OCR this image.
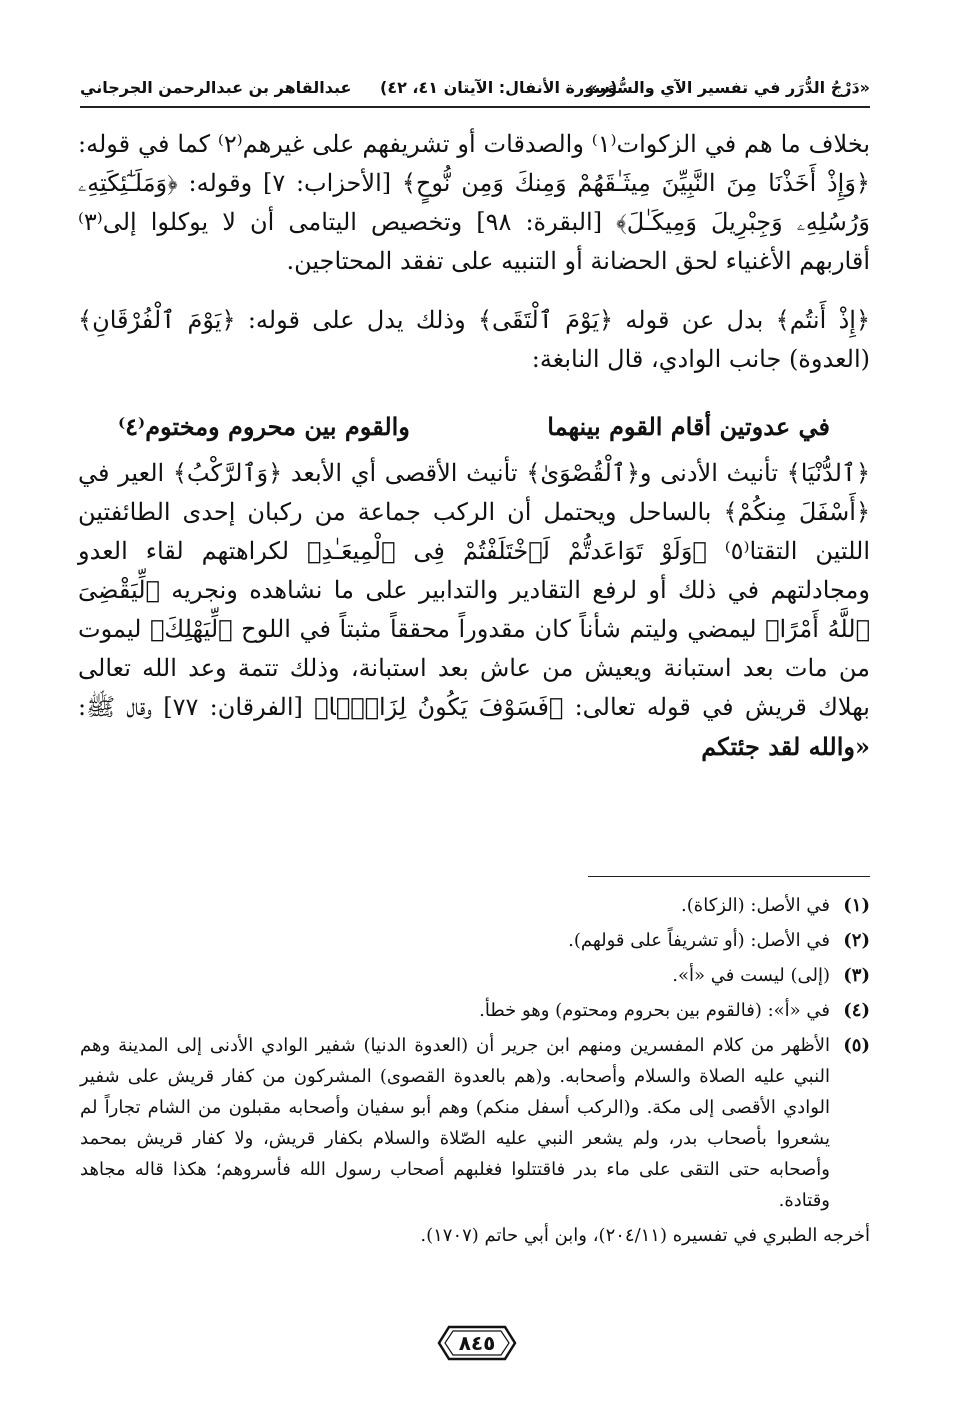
«دَرْجُ الدُّرَر في تفسير الآي والسُّوَر»
(سورة الأنفال: الآيتان ٤١، ٤٢)
عبدالقاهر بن عبدالرحمن الجرجاني

بخلاف ما هم في الزكوات⁽١⁾ والصدقات أو تشريفهم على غيرهم⁽٢⁾ كما في قوله: ﴿وَإِذْ أَخَذْنَا مِنَ النَّبِيِّنَ مِيثَـٰقَهُمْ وَمِنكَ وَمِن نُّوحٍ﴾ [الأحزاب: ٧] وقوله: ﴿وَمَلَـٰٓئِكَتِهِۦ وَرُسُلِهِۦ وَجِبْرِيلَ وَمِيكَـٰلَ﴾ [البقرة: ٩٨] وتخصيص اليتامى أن لا يوكلوا إلى⁽٣⁾ أقاربهم الأغنياء لحق الحضانة أو التنبيه على تفقد المحتاجين.

﴿إِذْ أَنتُم﴾ بدل عن قوله ﴿يَوْمَ ٱلْتَقَى﴾ وذلك يدل على قوله: ﴿يَوْمَ ٱلْفُرْقَانِ﴾ (العدوة) جانب الوادي، قال النابغة:

في عدوتين أقام القوم بينهما
والقوم بين محروم ومختوم⁽٤⁾

﴿ٱلدُّنْيَا﴾ تأنيث الأدنى و﴿ٱلْقُصْوَىٰ﴾ تأنيث الأقصى أي الأبعد ﴿وَٱلرَّكْبُ﴾ العير في ﴿أَسْفَلَ مِنكُمْ﴾ بالساحل ويحتمل أن الركب جماعة من ركبان إحدى الطائفتين اللتين التقتا⁽٥⁾ ﴿وَلَوْ تَوَاعَدتُّمْ لَٱخْتَلَفْتُمْ فِى ٱلْمِيعَـٰدِ﴾ لكراهتهم لقاء العدو ومجادلتهم في ذلك أو لرفع التقادير والتدابير على ما نشاهده ونجريه ﴿لِّيَقْضِىَ ٱللَّهُ أَمْرًا﴾ ليمضي وليتم شأناً كان مقدوراً محققاً مثبتاً في اللوح ﴿لِّيَهْلِكَ﴾ ليموت من مات بعد استبانة ويعيش من عاش بعد استبانة، وذلك تتمة وعد الله تعالى بهلاك قريش في قوله تعالى: ﴿فَسَوْفَ يَكُونُ لِزَامًۢا﴾ [الفرقان: ٧٧] وقال ﷺ: «والله لقد جئتكم

(١)
في الأصل: (الزكاة).
(٢)
في الأصل: (أو تشريفاً على قولهم).
(٣)
(إلى) ليست في «أ».
(٤)
في «أ»: (فالقوم بين بحروم ومحتوم) وهو خطأ.
(٥)
الأظهر من كلام المفسرين ومنهم ابن جرير أن (العدوة الدنيا) شفير الوادي الأدنى إلى المدينة وهم النبي عليه الصلاة والسلام وأصحابه. و(هم بالعدوة القصوى) المشركون من كفار قريش على شفير الوادي الأقصى إلى مكة. و(الركب أسفل منكم) وهم أبو سفيان وأصحابه مقبلون من الشام تجاراً لم يشعروا بأصحاب بدر، ولم يشعر النبي عليه الصّلاة والسلام بكفار قريش، ولا كفار قريش بمحمد وأصحابه حتى التقى على ماء بدر فاقتتلوا فغلبهم أصحاب رسول الله فأسروهم؛ هكذا قاله مجاهد وقتادة.
أخرجه الطبري في تفسيره (٢٠٤/١١)، وابن أبي حاتم (١٧٠٧).
٨٤٥
